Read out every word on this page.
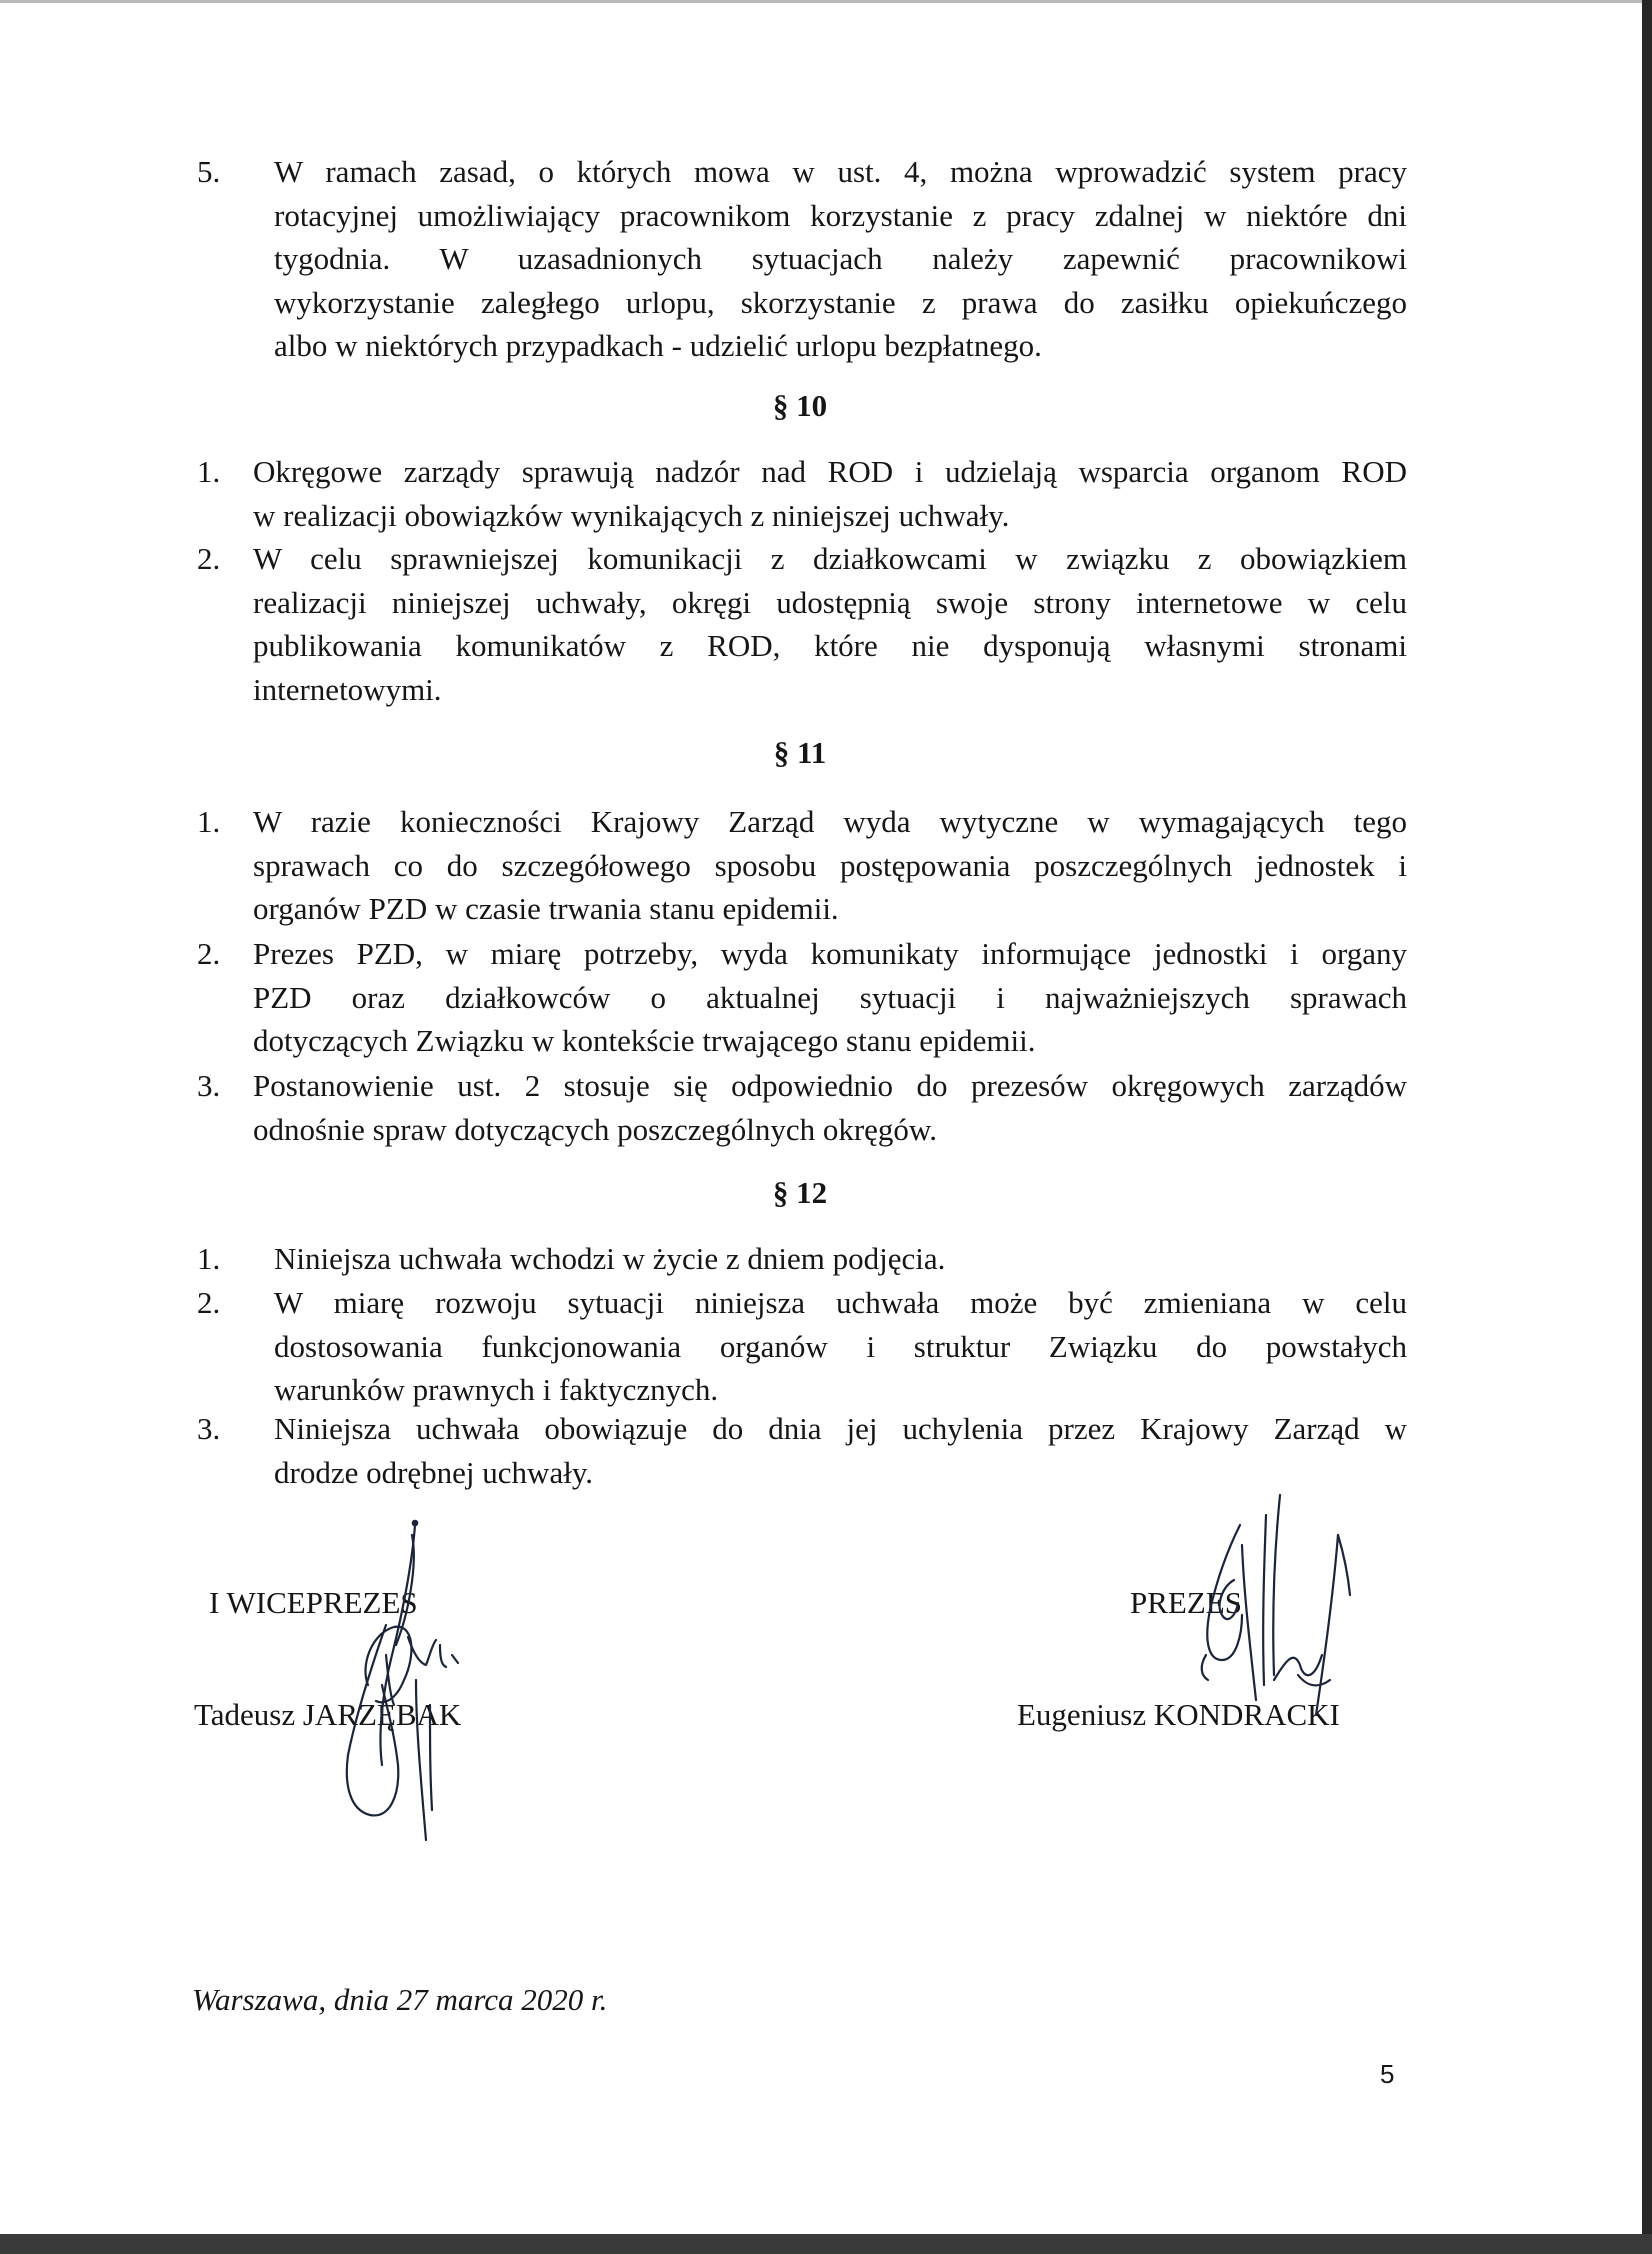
5. W ramach zasad, o których mowa w ust. 4, można wprowadzić system pracy
rotacyjnej umożliwiający pracownikom korzystanie z pracy zdalnej w niektóre dni
tygodnia. W uzasadnionych sytuacjach należy zapewnić pracownikowi
wykorzystanie zaległego urlopu, skorzystanie z prawa do zasiłku opiekuńczego
albo w niektórych przypadkach - udzielić urlopu bezpłatnego.
§ 10
1. Okręgowe zarządy sprawują nadzór nad ROD i udzielają wsparcia organom ROD
w realizacji obowiązków wynikających z niniejszej uchwały.
2. W celu sprawniejszej komunikacji z działkowcami w związku z obowiązkiem
realizacji niniejszej uchwały, okręgi udostępnią swoje strony internetowe w celu
publikowania komunikatów z ROD, które nie dysponują własnymi stronami
internetowymi.
§ 11
1. W razie konieczności Krajowy Zarząd wyda wytyczne w wymagających tego
sprawach co do szczegółowego sposobu postępowania poszczególnych jednostek i
organów PZD w czasie trwania stanu epidemii.
2. Prezes PZD, w miarę potrzeby, wyda komunikaty informujące jednostki i organy
PZD oraz działkowców o aktualnej sytuacji i najważniejszych sprawach
dotyczących Związku w kontekście trwającego stanu epidemii.
3. Postanowienie ust. 2 stosuje się odpowiednio do prezesów okręgowych zarządów
odnośnie spraw dotyczących poszczególnych okręgów.
§ 12
1. Niniejsza uchwała wchodzi w życie z dniem podjęcia.
2. W miarę rozwoju sytuacji niniejsza uchwała może być zmieniana w celu
dostosowania funkcjonowania organów i struktur Związku do powstałych
warunków prawnych i faktycznych.
3. Niniejsza uchwała obowiązuje do dnia jej uchylenia przez Krajowy Zarząd w
drodze odrębnej uchwały.
I WICEPREZES
Tadeusz JARZĘBAK
PREZES
Eugeniusz KONDRACKI
Warszawa, dnia 27 marca 2020 r.
5
